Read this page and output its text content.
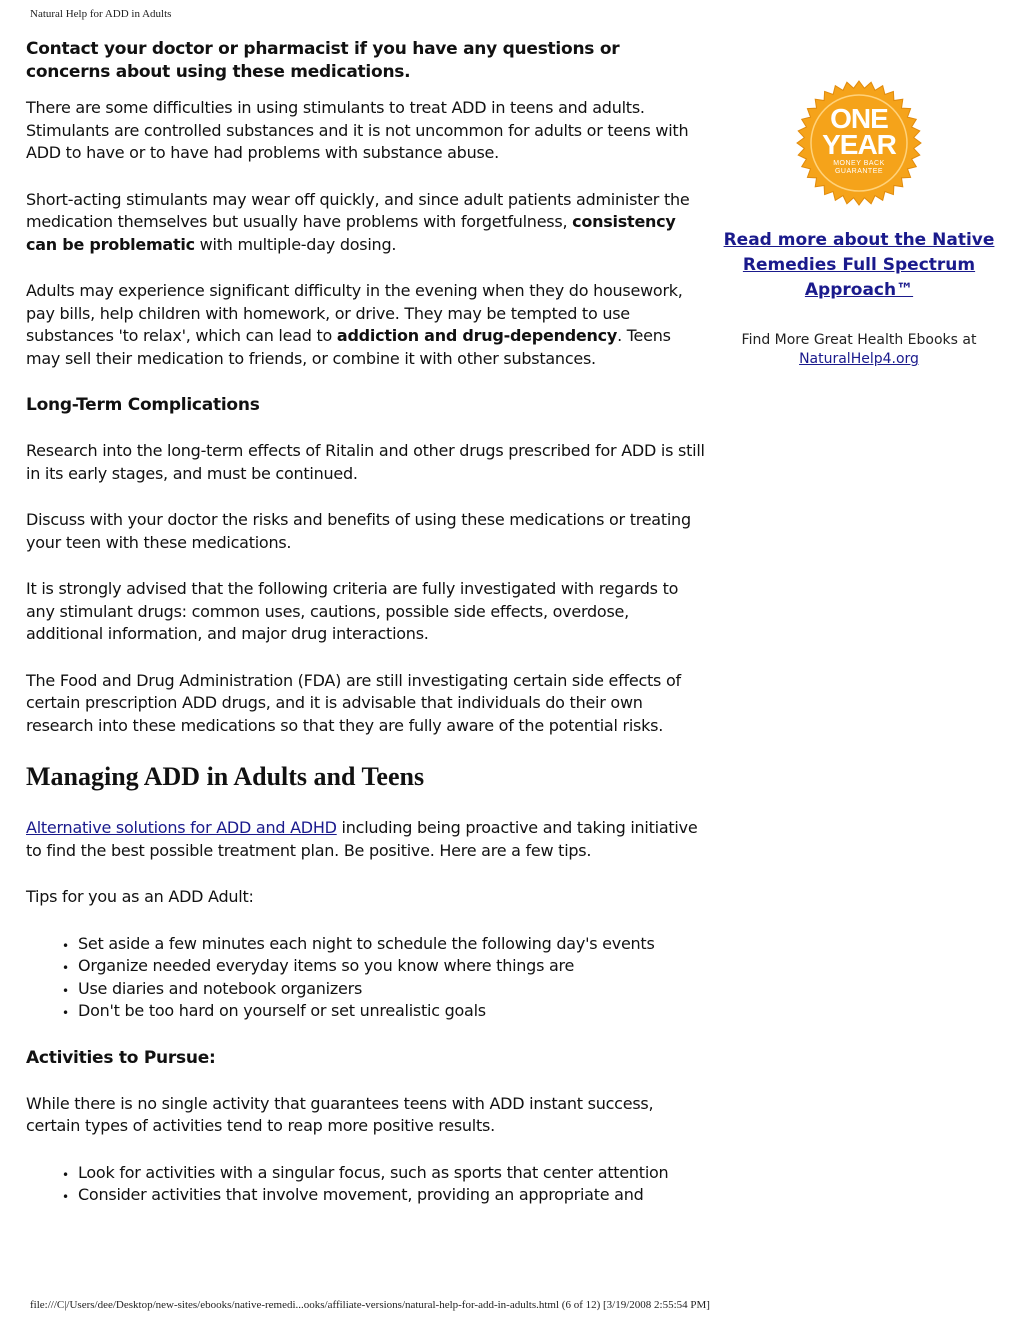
Natural Help for ADD in Adults

Contact your doctor or pharmacist if you have any questions or concerns about using these medications.

There are some difficulties in using stimulants to treat ADD in teens and adults. Stimulants are controlled substances and it is not uncommon for adults or teens with ADD to have or to have had problems with substance abuse.

Short-acting stimulants may wear off quickly, and since adult patients administer the medication themselves but usually have problems with forgetfulness, consistency can be problematic with multiple-day dosing.

Adults may experience significant difficulty in the evening when they do housework, pay bills, help children with homework, or drive. They may be tempted to use substances 'to relax', which can lead to addiction and drug-dependency. Teens may sell their medication to friends, or combine it with other substances.

Long-Term Complications

Research into the long-term effects of Ritalin and other drugs prescribed for ADD is still in its early stages, and must be continued.

Discuss with your doctor the risks and benefits of using these medications or treating your teen with these medications.

It is strongly advised that the following criteria are fully investigated with regards to any stimulant drugs: common uses, cautions, possible side effects, overdose, additional information, and major drug interactions.

The Food and Drug Administration (FDA) are still investigating certain side effects of certain prescription ADD drugs, and it is advisable that individuals do their own research into these medications so that they are fully aware of the potential risks.

Managing ADD in Adults and Teens

Alternative solutions for ADD and ADHD including being proactive and taking initiative to find the best possible treatment plan. Be positive. Here are a few tips.

Tips for you as an ADD Adult:

• Set aside a few minutes each night to schedule the following day's events
• Organize needed everyday items so you know where things are
• Use diaries and notebook organizers
• Don't be too hard on yourself or set unrealistic goals
Activities to Pursue:

While there is no single activity that guarantees teens with ADD instant success, certain types of activities tend to reap more positive results.

• Look for activities with a singular focus, such as sports that center attention
• Consider activities that involve movement, providing an appropriate and
ONE
YEAR
MONEY BACK
GUARANTEE
Read more about the Native Remedies Full Spectrum Approach™
Find More Great Health Ebooks at
NaturalHelp4.org
file:///C|/Users/dee/Desktop/new-sites/ebooks/native-remedi...ooks/affiliate-versions/natural-help-for-add-in-adults.html (6 of 12) [3/19/2008 2:55:54 PM]
